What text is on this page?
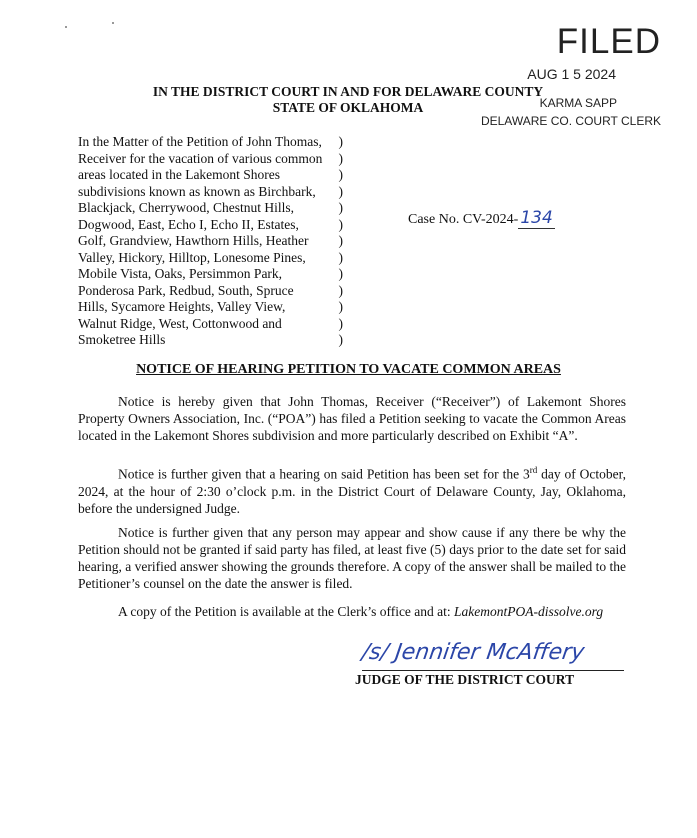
FILED
AUG 1 5 2024
KARMA SAPP
DELAWARE CO. COURT CLERK
IN THE DISTRICT COURT IN AND FOR DELAWARE COUNTY
STATE OF OKLAHOMA
In the Matter of the Petition of John Thomas,	)
Receiver for the vacation of various common	)
areas located in the Lakemont Shores	)
subdivisions known as known as Birchbark,	)
Blackjack, Cherrywood, Chestnut Hills,	)
Dogwood, East, Echo I, Echo II, Estates,	)
Golf, Grandview, Hawthorn Hills, Heather	)
Valley, Hickory, Hilltop, Lonesome Pines,	)
Mobile Vista, Oaks, Persimmon Park,	)
Ponderosa Park, Redbud, South, Spruce	)
Hills, Sycamore Heights, Valley View,	)
Walnut Ridge, West, Cottonwood and	)
Smoketree Hills	)
Case No. CV-2024- 134
NOTICE OF HEARING PETITION TO VACATE COMMON AREAS

Notice is hereby given that John Thomas, Receiver (“Receiver”) of Lakemont Shores Property Owners Association, Inc. (“POA”) has filed a Petition seeking to vacate the Common Areas located in the Lakemont Shores subdivision and more particularly described on Exhibit “A”.

Notice is further given that a hearing on said Petition has been set for the 3rd day of October, 2024, at the hour of 2:30 o’clock p.m. in the District Court of Delaware County, Jay, Oklahoma, before the undersigned Judge.

Notice is further given that any person may appear and show cause if any there be why the Petition should not be granted if said party has filed, at least five (5) days prior to the date set for said hearing, a verified answer showing the grounds therefore. A copy of the answer shall be mailed to the Petitioner’s counsel on the date the answer is filed.

A copy of the Petition is available at the Clerk’s office and at: LakemontPOA-dissolve.org

/s/ Jennifer McAffery
JUDGE OF THE DISTRICT COURT
